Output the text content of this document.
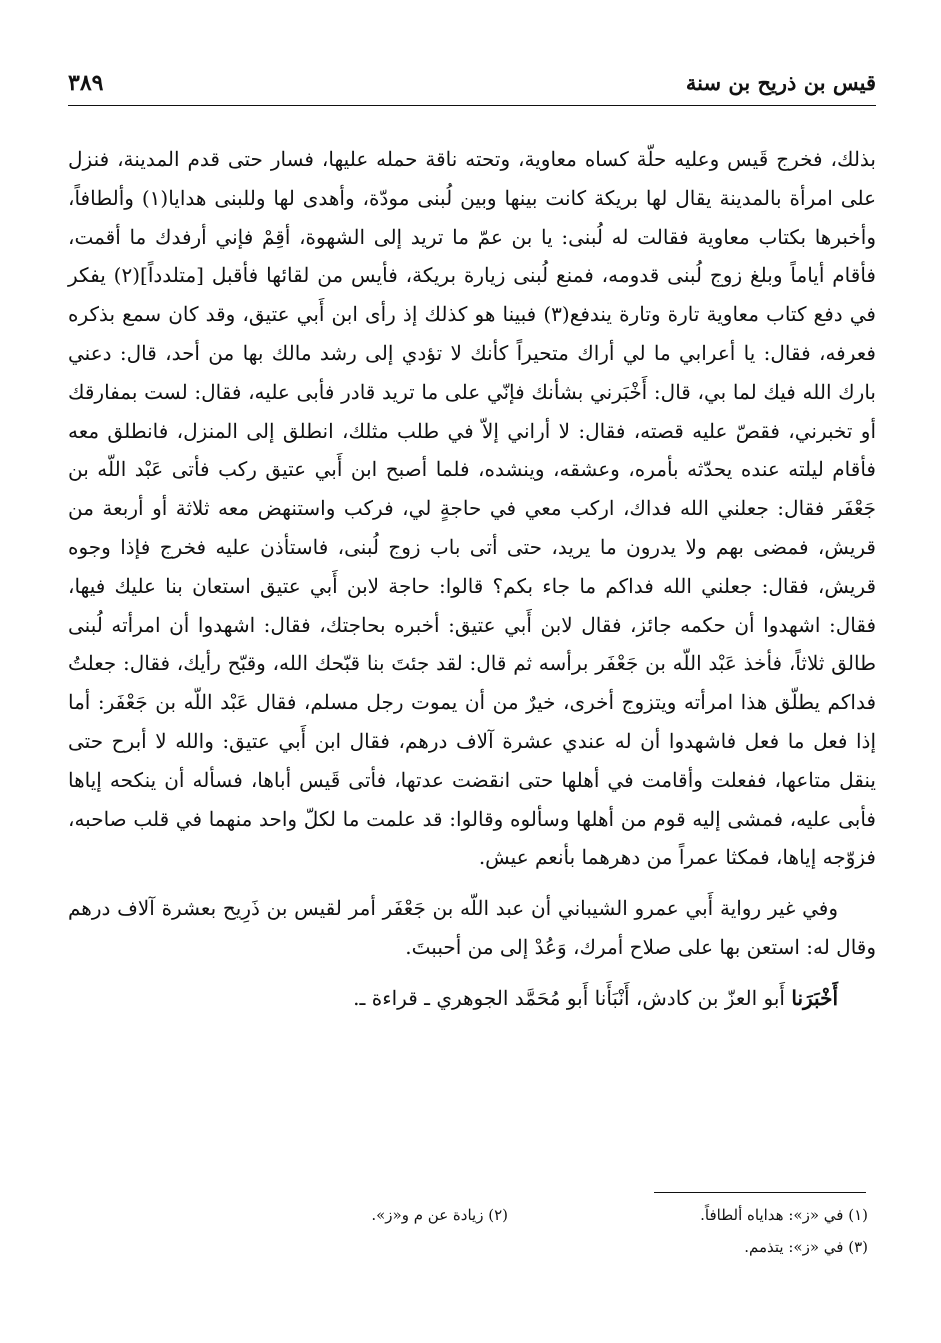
قيس بن ذريح بن سنة
٣٨٩

بذلك، فخرج قَيس وعليه حلّة كساه معاوية، وتحته ناقة حمله عليها، فسار حتى قدم المدينة، فنزل على امرأة بالمدينة يقال لها بريكة كانت بينها وبين لُبنى مودّة، وأهدى لها وللبنى هدايا(١) وألطافاً، وأخبرها بكتاب معاوية فقالت له لُبنى: يا بن عمّ ما تريد إلى الشهوة، أقِمْ فإني أرفدك ما أقمت، فأقام أياماً وبلغ زوج لُبنى قدومه، فمنع لُبنى زيارة بريكة، فأيس من لقائها فأقبل [متلدداً](٢) يفكر في دفع كتاب معاوية تارة وتارة يندفع(٣) فبينا هو كذلك إذ رأى ابن أَبي عتيق، وقد كان سمع بذكره فعرفه، فقال: يا أعرابي ما لي أراك متحيراً كأنك لا تؤدي إلى رشد مالك بها من أحد، قال: دعني بارك الله فيك لما بي، قال: أَخْبَرني بشأنك فإنّي على ما تريد قادر فأبى عليه، فقال: لست بمفارقك أو تخبرني، فقصّ عليه قصته، فقال: لا أراني إلاّ في طلب مثلك، انطلق إلى المنزل، فانطلق معه فأقام ليلته عنده يحدّثه بأمره، وعشقه، وينشده، فلما أصبح ابن أَبي عتيق ركب فأتى عَبْد اللّه بن جَعْفَر فقال: جعلني الله فداك، اركب معي في حاجةٍ لي، فركب واستنهض معه ثلاثة أو أربعة من قريش، فمضى بهم ولا يدرون ما يريد، حتى أتى باب زوج لُبنى، فاستأذن عليه فخرج فإذا وجوه قريش، فقال: جعلني الله فداكم ما جاء بكم؟ قالوا: حاجة لابن أَبي عتيق استعان بنا عليك فيها، فقال: اشهدوا أن حكمه جائز، فقال لابن أَبي عتيق: أخبره بحاجتك، فقال: اشهدوا أن امرأته لُبنى طالق ثلاثاً، فأخذ عَبْد اللّه بن جَعْفَر برأسه ثم قال: لقد جئتَ بنا قبّحك الله، وقبّح رأيك، فقال: جعلتُ فداكم يطلّق هذا امرأته ويتزوج أخرى، خيرٌ من أن يموت رجل مسلم، فقال عَبْد اللّه بن جَعْفَر: أما إذا فعل ما فعل فاشهدوا أن له عندي عشرة آلاف درهم، فقال ابن أَبي عتيق: والله لا أبرح حتى ينقل متاعها، ففعلت وأقامت في أهلها حتى انقضت عدتها، فأتى قَيس أباها، فسأله أن ينكحه إياها فأبى عليه، فمشى إليه قوم من أهلها وسألوه وقالوا: قد علمت ما لكلّ واحد منهما في قلب صاحبه، فزوّجه إياها، فمكثا عمراً من دهرهما بأنعم عيش.

وفي غير رواية أَبي عمرو الشيباني أن عبد اللّه بن جَعْفَر أمر لقيس بن ذَرِيح بعشرة آلاف درهم وقال له: استعن بها على صلاح أمرك، وَعُدْ إلى من أحببتَ.

أَخْبَرَنا أَبو العزّ بن كادش، أَنْبَأَنا أَبو مُحَمَّد الجوهري ـ قراءة ـ.

(١) في «ز»: هداياه ألطافاً.
(٢) زيادة عن م و«ز».
(٣) في «ز»: يتذمم.
